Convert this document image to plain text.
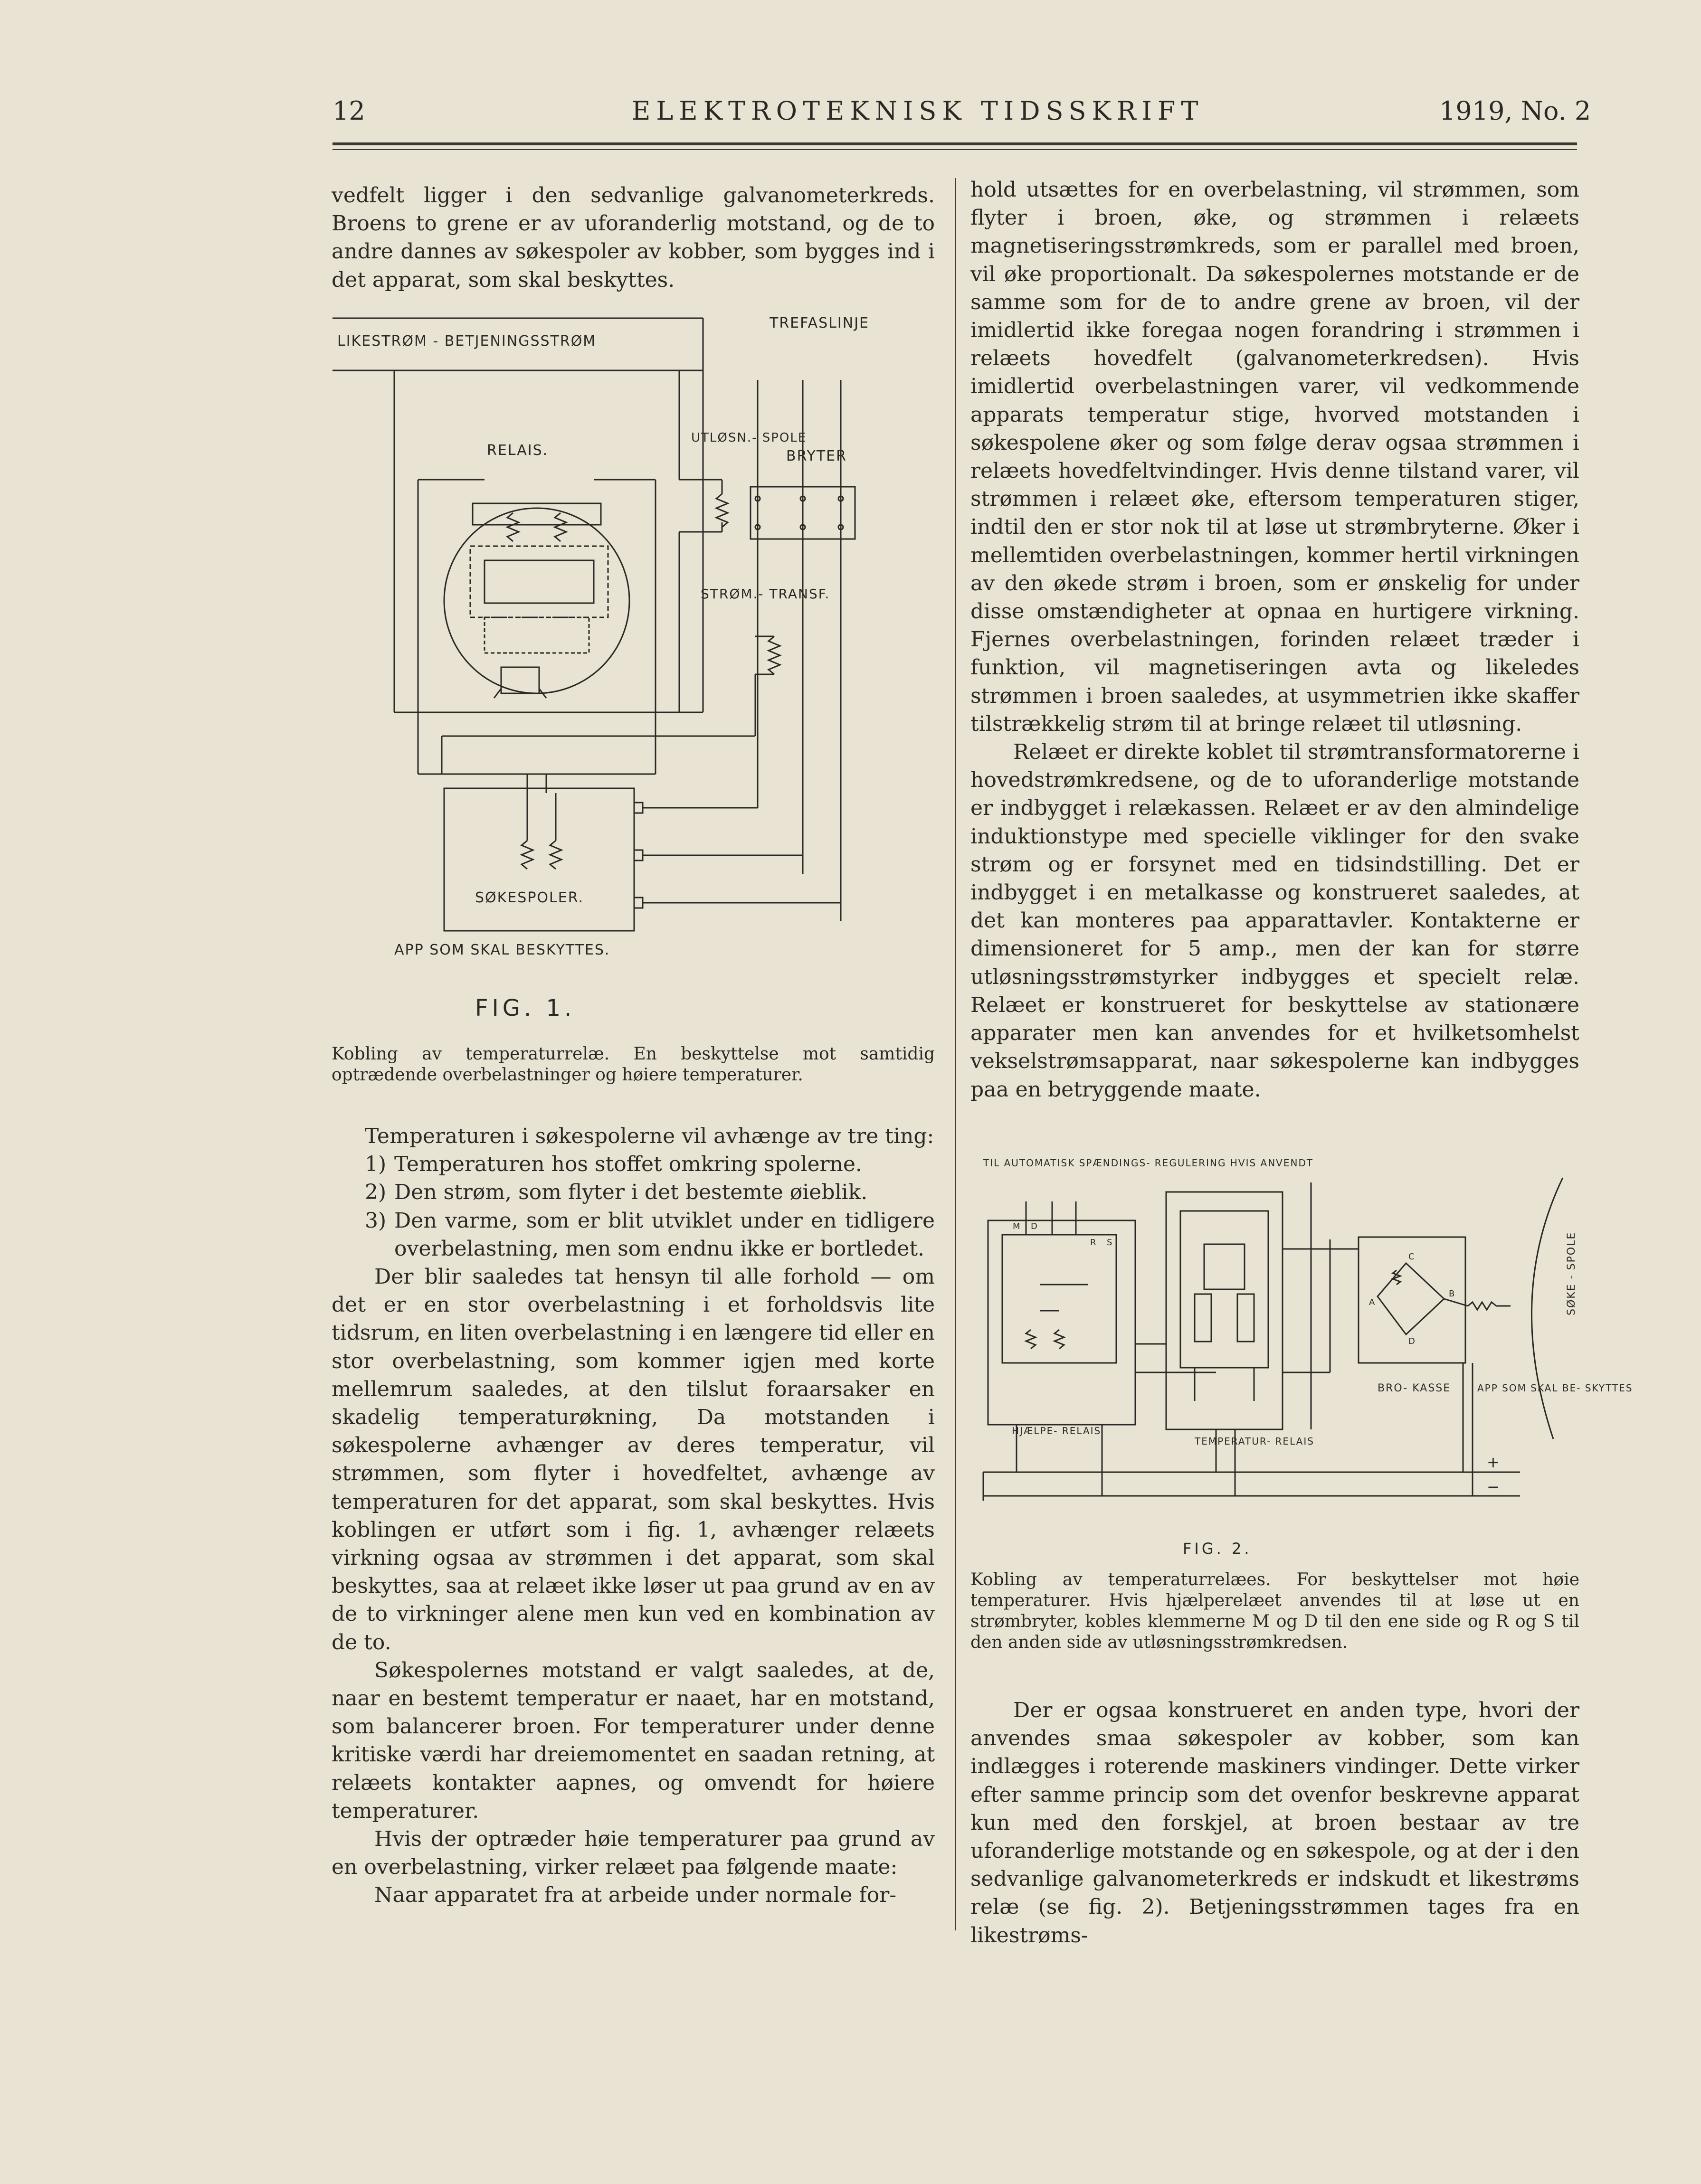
12	ELEKTROTEKNISK TIDSSKRIFT	1919, No. 2

vedfelt ligger i den sedvanlige galvanometerkreds. Broens to grene er av uforanderlig motstand, og de to andre dannes av søkespoler av kobber, som bygges ind i det apparat, som skal beskyttes.

LIKESTRØM - BETJENINGSSTRØM
TREFASLINJE
RELAIS.
UTLØSN.- SPOLE
BRYTER
STRØM.- TRANSF.
SØKESPOLER.
APP SOM SKAL BESKYTTES.
FIG. 1.
Kobling av temperaturrelæ. En beskyttelse mot samtidig optrædende overbelastninger og høiere temperaturer.

Temperaturen i søkespolerne vil avhænge av tre ting:

1) Temperaturen hos stoffet omkring spolerne.
2) Den strøm, som flyter i det bestemte øieblik.
3) Den varme, som er blit utviklet under en tidligere overbelastning, men som endnu ikke er bortledet.

Der blir saaledes tat hensyn til alle forhold — om det er en stor overbelastning i et forholdsvis lite tidsrum, en liten overbelastning i en længere tid eller en stor overbelastning, som kommer igjen med korte mellemrum saaledes, at den tilslut foraarsaker en skadelig temperaturøkning, Da motstanden i søkespolerne avhænger av deres temperatur, vil strømmen, som flyter i hovedfeltet, avhænge av temperaturen for det apparat, som skal beskyttes. Hvis koblingen er utført som i fig. 1, avhænger relæets virkning ogsaa av strømmen i det apparat, som skal beskyttes, saa at relæet ikke løser ut paa grund av en av de to virkninger alene men kun ved en kombination av de to.

Søkespolernes motstand er valgt saaledes, at de, naar en bestemt temperatur er naaet, har en motstand, som balancerer broen. For temperaturer under denne kritiske værdi har dreiemomentet en saadan retning, at relæets kontakter aapnes, og omvendt for høiere temperaturer.

Hvis der optræder høie temperaturer paa grund av en overbelastning, virker relæet paa følgende maate:

Naar apparatet fra at arbeide under normale for-

hold utsættes for en overbelastning, vil strømmen, som flyter i broen, øke, og strømmen i relæets magnetiseringsstrømkreds, som er parallel med broen, vil øke proportionalt. Da søkespolernes motstande er de samme som for de to andre grene av broen, vil der imidlertid ikke foregaa nogen forandring i strømmen i relæets hovedfelt (galvanometerkredsen). Hvis imidlertid overbelastningen varer, vil vedkommende apparats temperatur stige, hvorved motstanden i søkespolene øker og som følge derav ogsaa strømmen i relæets hovedfeltvindinger. Hvis denne tilstand varer, vil strømmen i relæet øke, eftersom temperaturen stiger, indtil den er stor nok til at løse ut strømbryterne. Øker i mellemtiden overbelastningen, kommer hertil virkningen av den økede strøm i broen, som er ønskelig for under disse omstændigheter at opnaa en hurtigere virkning. Fjernes overbelastningen, forinden relæet træder i funktion, vil magnetiseringen avta og likeledes strømmen i broen saaledes, at usymmetrien ikke skaffer tilstrækkelig strøm til at bringe relæet til utløsning.

Relæet er direkte koblet til strømtransformatorerne i hovedstrømkredsene, og de to uforanderlige motstande er indbygget i relækassen. Relæet er av den almindelige induktionstype med specielle viklinger for den svake strøm og er forsynet med en tidsindstilling. Det er indbygget i en metalkasse og konstrueret saaledes, at det kan monteres paa apparattavler. Kontakterne er dimensioneret for 5 amp., men der kan for større utløsningsstrømstyrker indbygges et specielt relæ. Relæet er konstrueret for beskyttelse av stationære apparater men kan anvendes for et hvilketsomhelst vekselstrømsapparat, naar søkespolerne kan indbygges paa en betryggende maate.

TIL AUTOMATISK SPÆNDINGS- REGULERING HVIS ANVENDT
HJÆLPE- RELAIS
TEMPERATUR- RELAIS
BRO- KASSE	APP SOM SKAL BE- SKYTTES
SØKE - SPOLE
+
−
M D
R S
A
B
C
D
FIG. 2.
Kobling av temperaturrelæes. For beskyttelser mot høie temperaturer. Hvis hjælperelæet anvendes til at løse ut en strømbryter, kobles klemmerne M og D til den ene side og R og S til den anden side av utløsningsstrømkredsen.

Der er ogsaa konstrueret en anden type, hvori der anvendes smaa søkespoler av kobber, som kan indlægges i roterende maskiners vindinger. Dette virker efter samme princip som det ovenfor beskrevne apparat kun med den forskjel, at broen bestaar av tre uforanderlige motstande og en søkespole, og at der i den sedvanlige galvanometerkreds er indskudt et likestrøms relæ (se fig. 2). Betjeningsstrømmen tages fra en likestrøms-
